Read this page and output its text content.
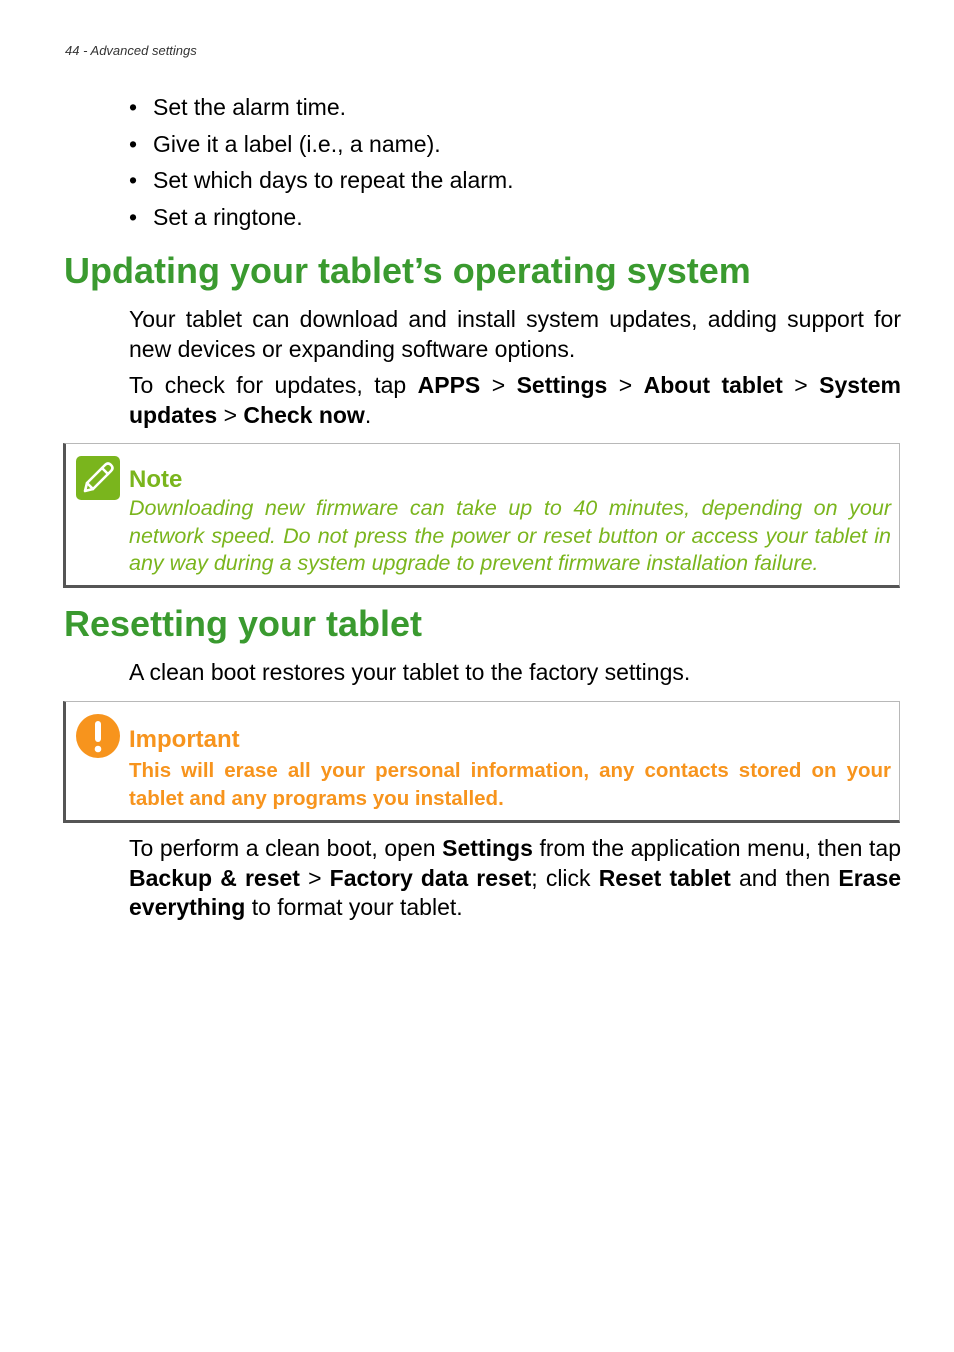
44 - Advanced settings
• Set the alarm time.
• Give it a label (i.e., a name).
• Set which days to repeat the alarm.
• Set a ringtone.
Updating your tablet’s operating system

Your tablet can download and install system updates, adding support for new devices or expanding software options.

To check for updates, tap APPS > Settings > About tablet > System updates > Check now.

Note

Downloading new firmware can take up to 40 minutes, depending on your network speed. Do not press the power or reset button or access your tablet in any way during a system upgrade to prevent firmware installation failure.

Resetting your tablet

A clean boot restores your tablet to the factory settings.

Important

This will erase all your personal information, any contacts stored on your tablet and any programs you installed.

To perform a clean boot, open Settings from the application menu, then tap Backup & reset > Factory data reset; click Reset tablet and then Erase everything to format your tablet.
